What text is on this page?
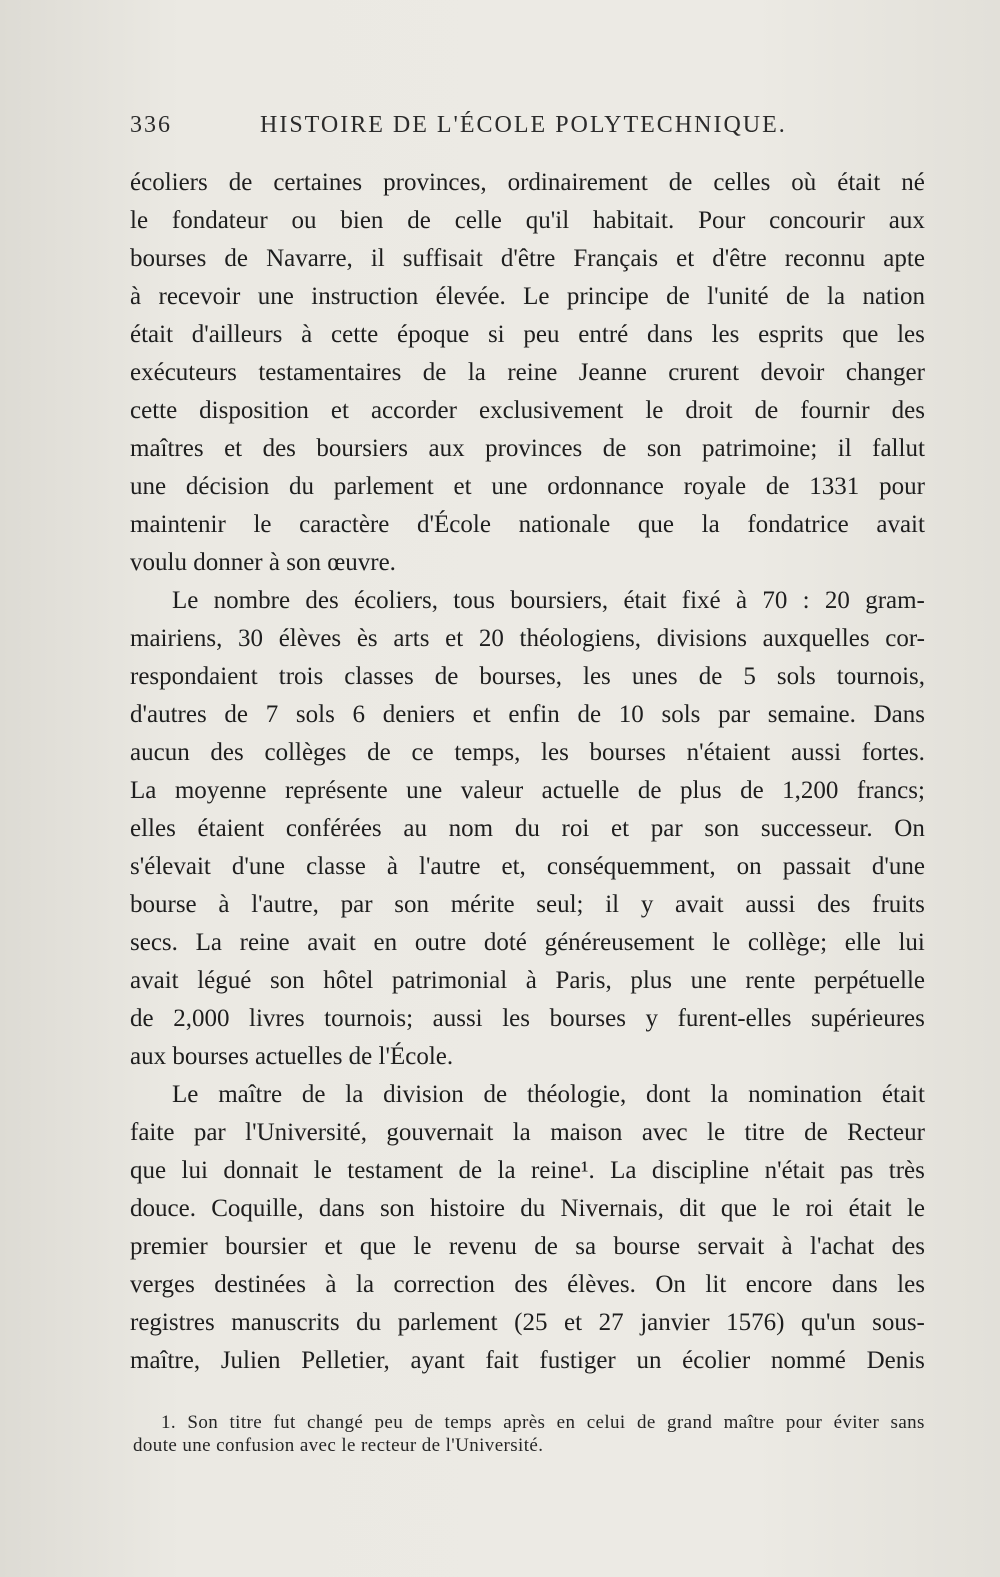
336	HISTOIRE DE L'ÉCOLE POLYTECHNIQUE.
écoliers de certaines provinces, ordinairement de celles où était né
le fondateur ou bien de celle qu'il habitait. Pour concourir aux
bourses de Navarre, il suffisait d'être Français et d'être reconnu apte
à recevoir une instruction élevée. Le principe de l'unité de la nation
était d'ailleurs à cette époque si peu entré dans les esprits que les
exécuteurs testamentaires de la reine Jeanne crurent devoir changer
cette disposition et accorder exclusivement le droit de fournir des
maîtres et des boursiers aux provinces de son patrimoine; il fallut
une décision du parlement et une ordonnance royale de 1331 pour
maintenir le caractère d'École nationale que la fondatrice avait
voulu donner à son œuvre.
Le nombre des écoliers, tous boursiers, était fixé à 70 : 20 gram-
mairiens, 30 élèves ès arts et 20 théologiens, divisions auxquelles cor-
respondaient trois classes de bourses, les unes de 5 sols tournois,
d'autres de 7 sols 6 deniers et enfin de 10 sols par semaine. Dans
aucun des collèges de ce temps, les bourses n'étaient aussi fortes.
La moyenne représente une valeur actuelle de plus de 1,200 francs;
elles étaient conférées au nom du roi et par son successeur. On
s'élevait d'une classe à l'autre et, conséquemment, on passait d'une
bourse à l'autre, par son mérite seul; il y avait aussi des fruits
secs. La reine avait en outre doté généreusement le collège; elle lui
avait légué son hôtel patrimonial à Paris, plus une rente perpétuelle
de 2,000 livres tournois; aussi les bourses y furent-elles supérieures
aux bourses actuelles de l'École.
Le maître de la division de théologie, dont la nomination était
faite par l'Université, gouvernait la maison avec le titre de Recteur
que lui donnait le testament de la reine¹. La discipline n'était pas très
douce. Coquille, dans son histoire du Nivernais, dit que le roi était le
premier boursier et que le revenu de sa bourse servait à l'achat des
verges destinées à la correction des élèves. On lit encore dans les
registres manuscrits du parlement (25 et 27 janvier 1576) qu'un sous-
maître, Julien Pelletier, ayant fait fustiger un écolier nommé Denis
1. Son titre fut changé peu de temps après en celui de grand maître pour éviter sans
doute une confusion avec le recteur de l'Université.
